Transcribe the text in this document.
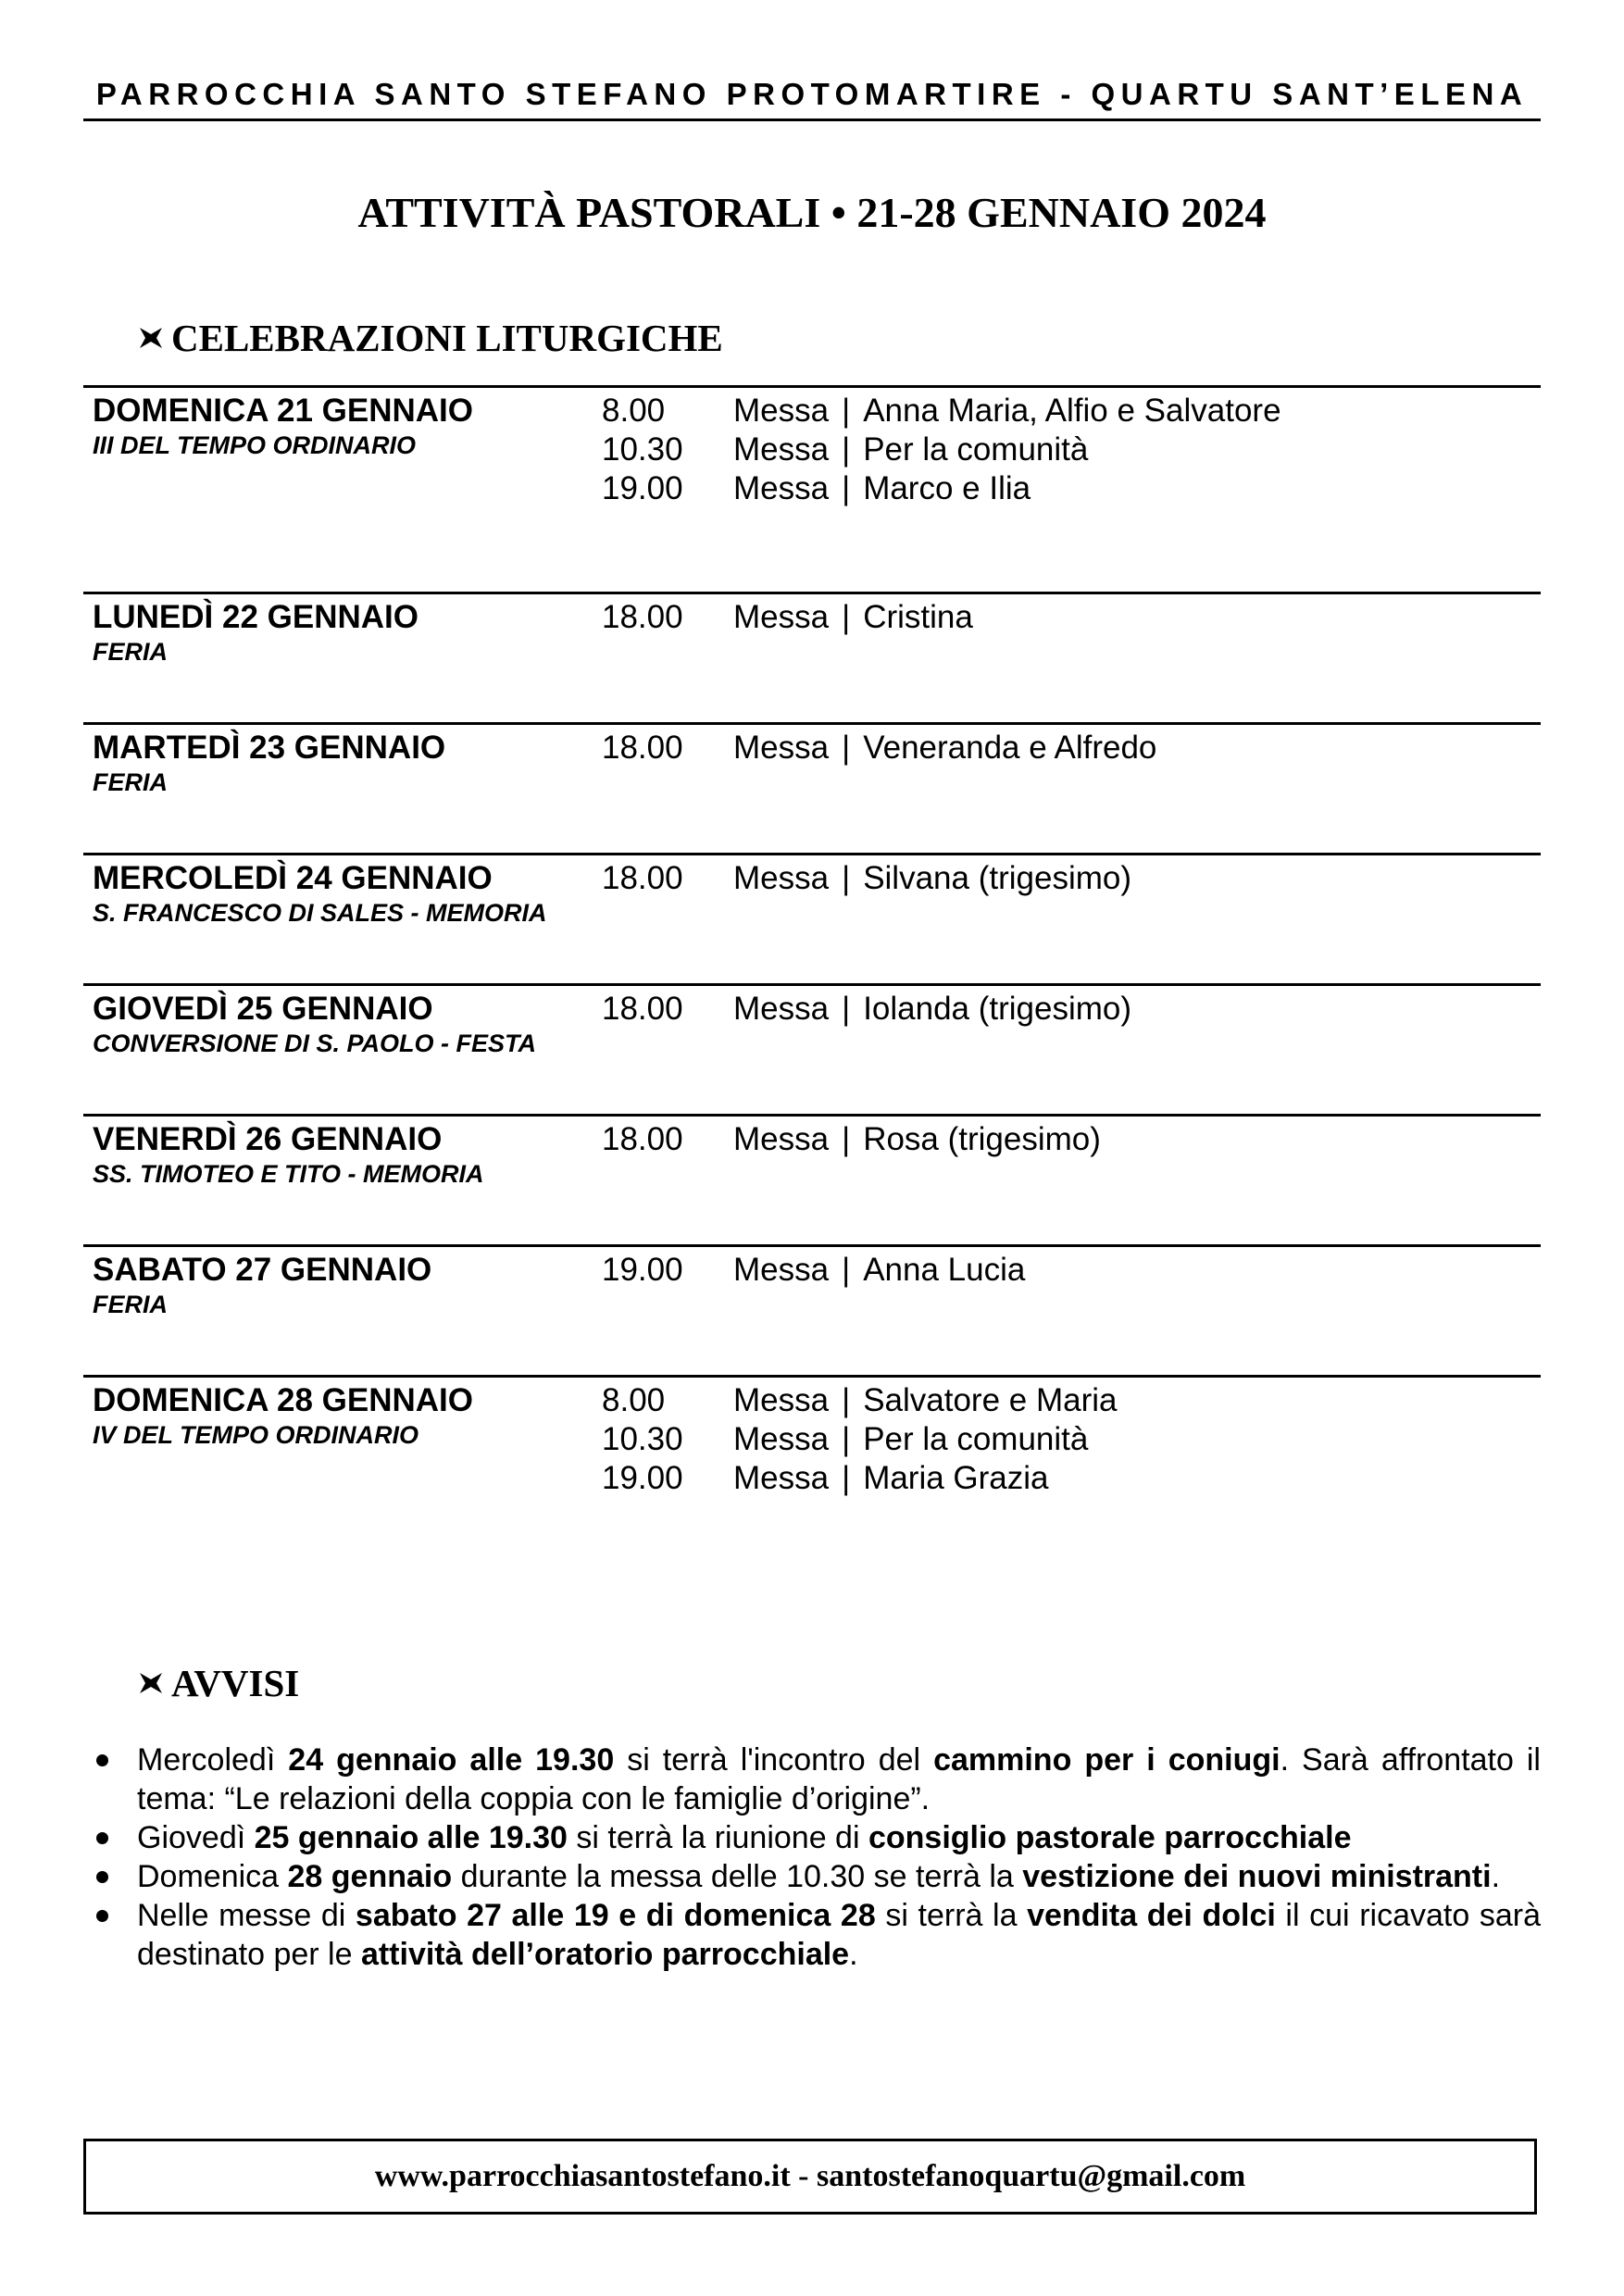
PARROCCHIA SANTO STEFANO PROTOMARTIRE - QUARTU SANT’ELENA
ATTIVITÀ PASTORALI • 21-28 GENNAIO 2024
CELEBRAZIONI LITURGICHE
DOMENICA 21 GENNAIO
III DEL TEMPO ORDINARIO
8.00	Messa | Anna Maria, Alfio e Salvatore
10.30	Messa | Per la comunità
19.00	Messa | Marco e Ilia
LUNEDÌ 22 GENNAIO
FERIA
18.00	Messa | Cristina
MARTEDÌ 23 GENNAIO
FERIA
18.00	Messa | Veneranda e Alfredo
MERCOLEDÌ 24 GENNAIO
S. FRANCESCO DI SALES - MEMORIA
18.00	Messa | Silvana (trigesimo)
GIOVEDÌ 25 GENNAIO
CONVERSIONE DI S. PAOLO - FESTA
18.00	Messa | Iolanda (trigesimo)
VENERDÌ 26 GENNAIO
SS. TIMOTEO E TITO - MEMORIA
18.00	Messa | Rosa (trigesimo)
SABATO 27 GENNAIO
FERIA
19.00	Messa | Anna Lucia
DOMENICA 28 GENNAIO
IV DEL TEMPO ORDINARIO
8.00	Messa | Salvatore e Maria
10.30	Messa | Per la comunità
19.00	Messa | Maria Grazia
AVVISI
Mercoledì 24 gennaio alle 19.30 si terrà l'incontro del cammino per i coniugi. Sarà affrontato il tema: “Le relazioni della coppia con le famiglie d’origine”.
Giovedì 25 gennaio alle 19.30 si terrà la riunione di consiglio pastorale parrocchiale
Domenica 28 gennaio durante la messa delle 10.30 se terrà la vestizione dei nuovi ministranti.
Nelle messe di sabato 27 alle 19 e di domenica 28 si terrà la vendita dei dolci il cui ricavato sarà destinato per le attività dell’oratorio parrocchiale.
www.parrocchiasantostefano.it - santostefanoquartu@gmail.com
